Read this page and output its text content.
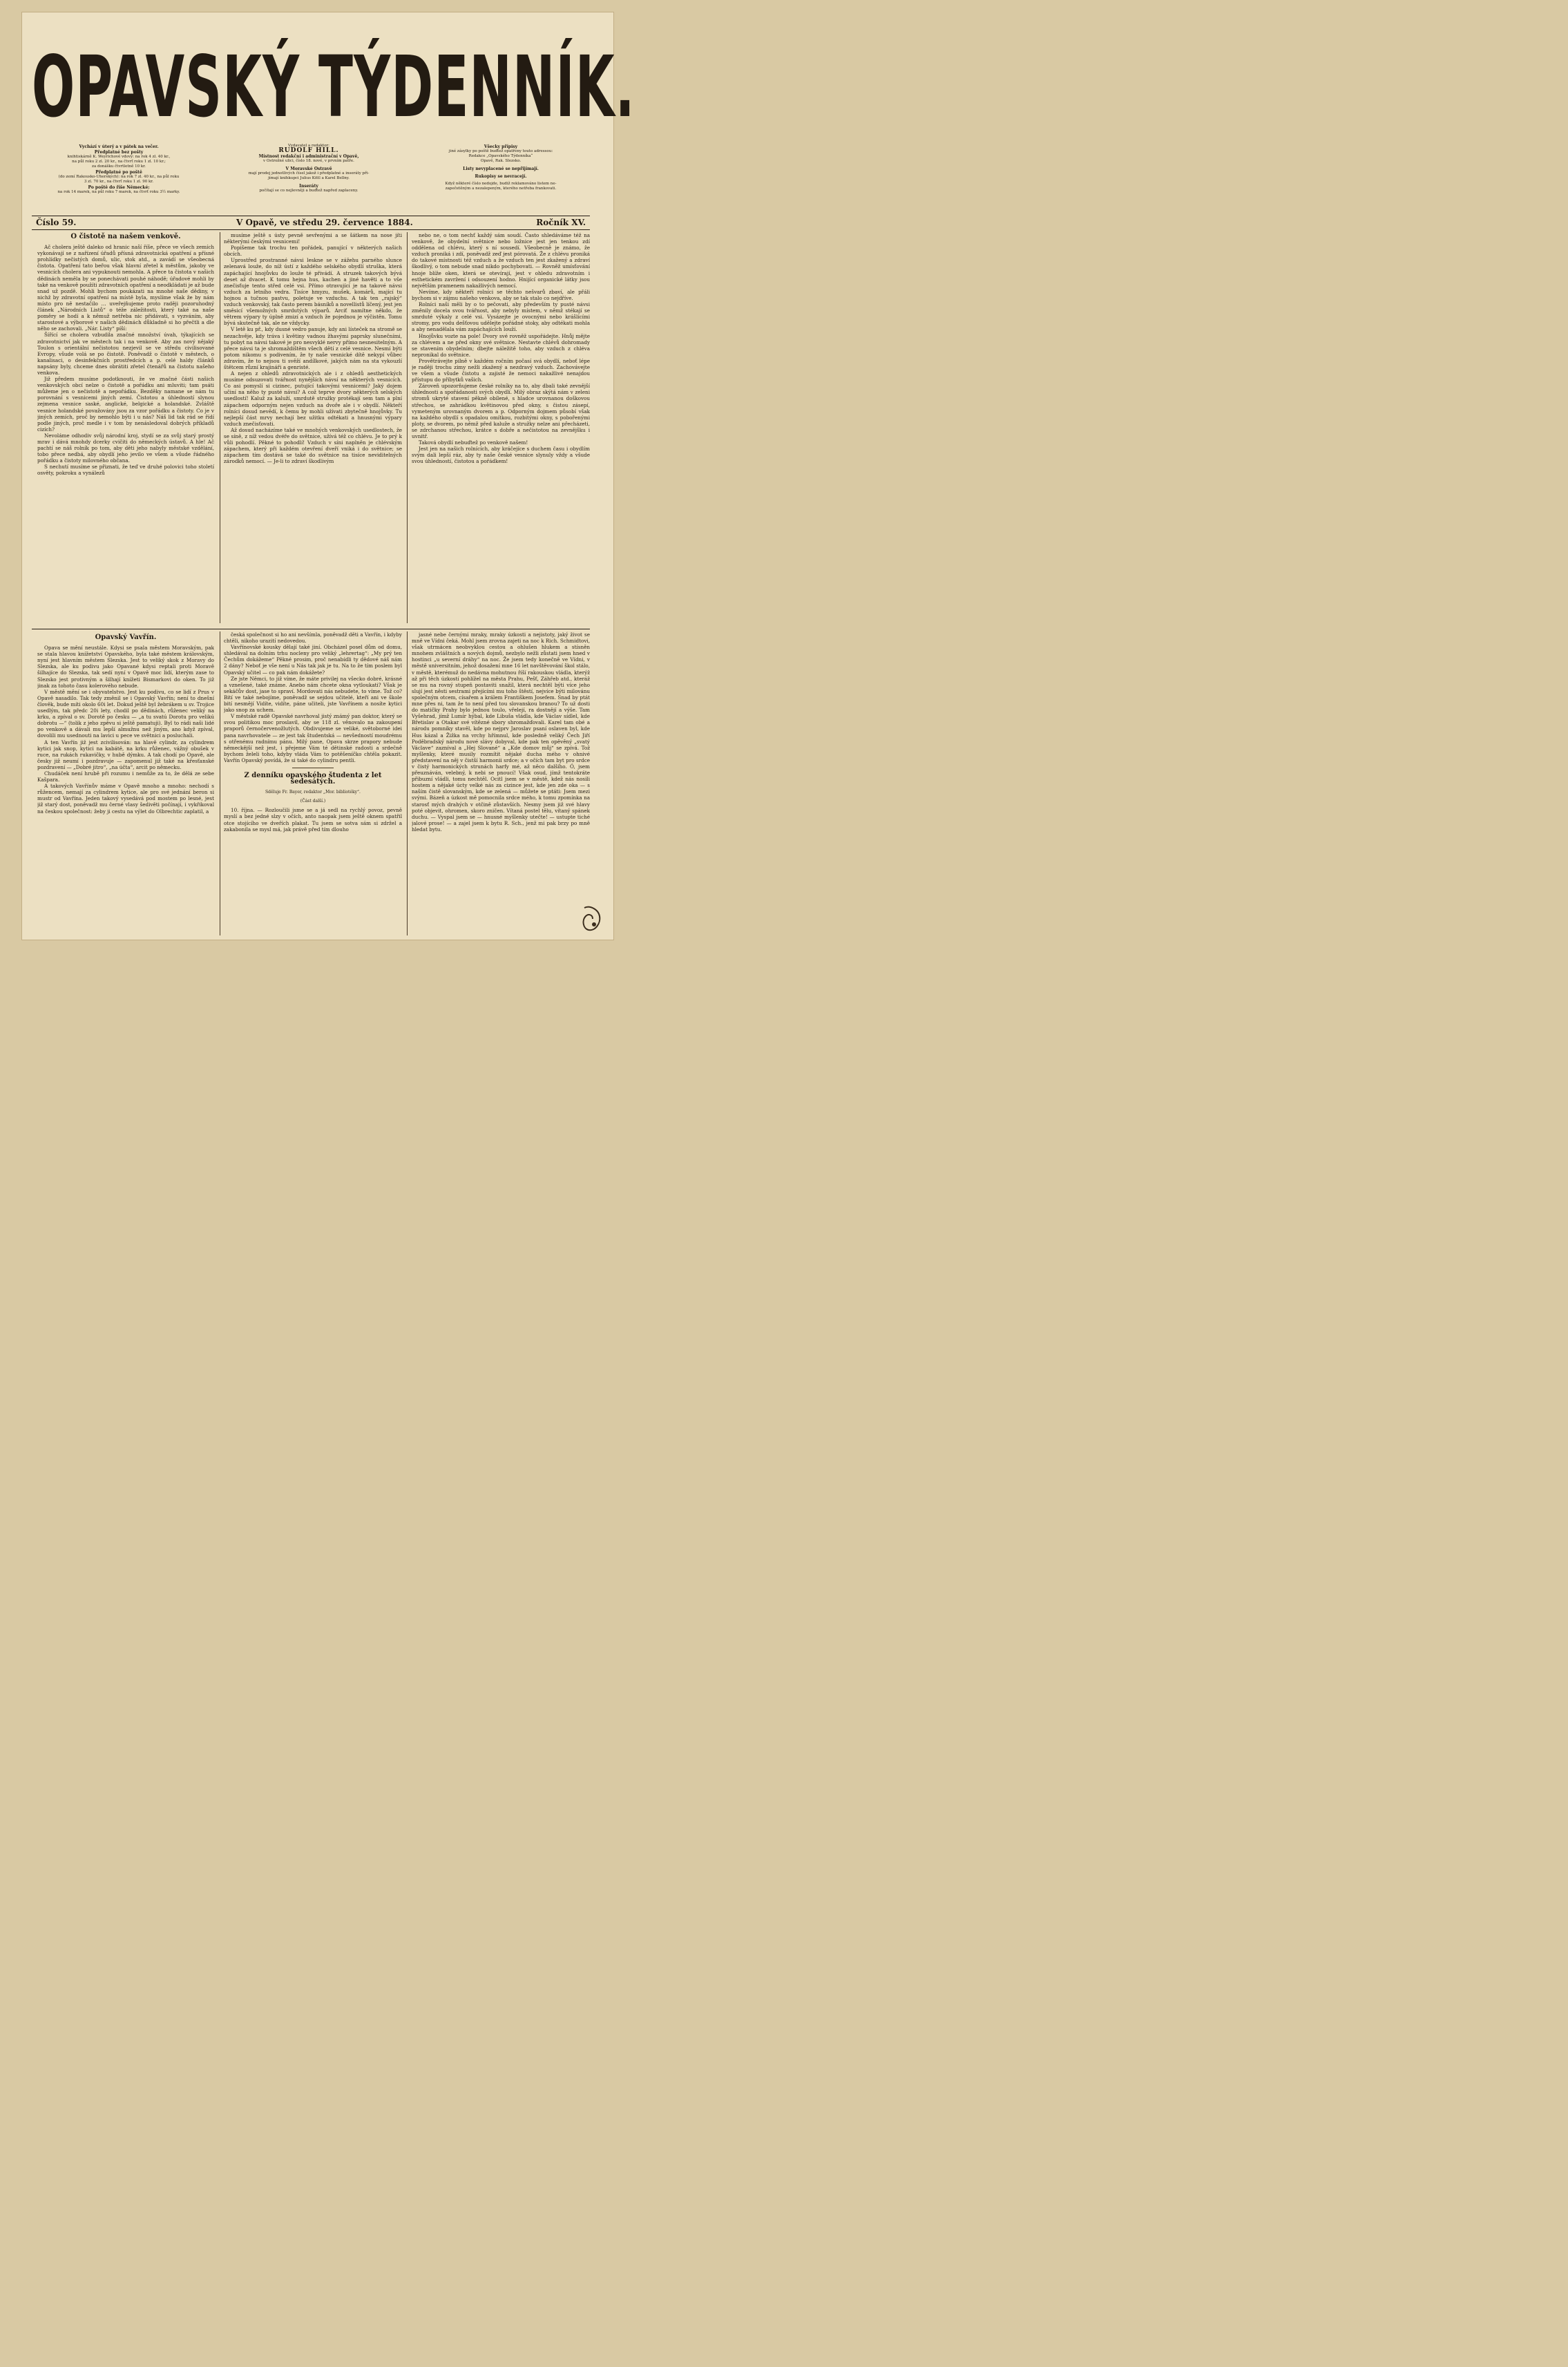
OPAVSKÝ TÝDENNÍK.
Vychází v úterý a v pátek na večer.
Předplatné bez pošty
knihtiskárně K. Weyrichové vdovy: na rok 4 zl. 40 kr.,
na půl roku 2 zl. 20 kr., na čtvrť roku 1 zl. 10 kr.;
za donášku čtvrtletně 10 kr.
Předplatné po poště
(do zemí Rakousko-Uherských): na rok 7 zl. 40 kr., na půl roku
3 zl. 70 kr., na čtvrť roku 1 zl. 90 kr.
Po poště do říše Německé:
na rok 14 marek, na půl roku 7 marek, na čtvrť roku 3½ marky.
Vydavatel a redaktor:
RUDOLF HILL.
Místnost redakční i administrační v Opavě,
v Ostrožné ulici, číslo 18. nové, v prvním patře.
V Moravské Ostravě
mají prodej jednotlivých čísel jakož i předplatné a inseráty při-
jímají knihkupci Julius Kittl a Karel Bellny.
Inseráty
počítají se co nejlevněji a buďtež napřed zaplaceny.
Všecky přípisy
jiné zásylky po poště buďtež opatřeny touto adressou:
Redakce „Opavského Týdenníka“
Opavě, Rak. Slezsko.
Listy nevyplacené se nepřijímají.
Rukopisy se nevracejí.
Když některé číslo nedojde, budiž reklamováno listem ne-
zapečetěným a nezalepeným, kterého netřeba frankovati.
Číslo 59.	V Opavě, ve středu 29. července 1884.	Ročník XV.
O čistotě na našem venkově.

Ač cholera ještě daleko od hranic naší říše, přece ve všech zemích vykonávají se z nařízení úřadů přísná zdravotnická opatření a přísné prohlídky nečistých domů, ulic, stok atd., a zavádí se všeobecná čistota. Opatření tato beřou však hlavní zřetel k městům, jakoby ve vesnicích cholera ani vypuknouti nemohla. A přece ta čistota v našich dědinách neměla by se ponechávati pouhé náhodě; úřadové mohli by také na venkově použíti zdravotních opatření a neodkládati je až bude snad už pozdě. Mohli bychom poukázati na mnohé naše dědiny, v nichž by zdravotní opatření na místě byla, myslíme však že by nám místo pro ně nestačilo … uveřejňujeme proto raději pozoruhodný článek „Národních Listů“ o téže záležitosti, který také na naše poměry se hodí a k němuž netřeba nic přidávati, s vyzváním, aby starostové a výborové v našich dědinách důkladně si ho přečtli a dle něho se zachovali. „Nár. Listy“ píší:

Šířící se cholera vzbudila značné množství úvah, týkajících se zdravotnictví jak ve městech tak i na venkově. Aby zas nový nějaký Toulon s orientální nečistotou nezjevil se ve středu civilisované Evropy, všude volá se po čistotě. Poněvadž o čistotě v městech, o kanalisaci, o desinfekčních prostředcích a p. celé haldy článků napsány byly, chceme dnes obrátiti zřetel čtenářů na čistotu našeho venkova.

Již předem musíme podotknouti, že ve značné části našich venkovských obcí nelze o čistotě a pořádku ani mluviti; tam psáti můžeme jen o nečistotě a nepořádku. Bezděky namane se nám tu porovnání s vesnicemi jiných zemí. Čistotou a úhledností slynou zejmena vesnice saské, anglické, belgické a holandské. Zvláště vesnice holandské považovány jsou za vzor pořádku a čistoty. Co je v jiných zemích, proč by nemohlo býti i u nás? Náš lid tak rád se řídí podle jiných, proč medle i v tom by nenásledoval dobrých příkladů cizích?

Nevoláme odhodiv svůj národní kroj, stydí se za svůj starý prostý mrav i dává mnohdy dcerky cvičiti do německých ústavů. A hle! Ač pachtí se náš rolník po tom, aby děti jeho nabyly městské vzdělání, tobo přece nedbá, aby obydlí jeho jevilo ve všem a všude řádného pořádku a čistoty milovného občana.

S nechutí musíme se přiznati, že teď ve druhé polovici toho století osvěty, pokroku a vynálezů

musíme ještě s ústy pevně sevřenými a se šátkem na nose jíti některými českými vesnicemi!

Popišeme tak trochu ten pořádek, panující v některých našich obcích.

Uprostřed prostranné návsi leskne se v zážehu parného slunce zelenavá louže, do níž ústí z každého selského obydlí struška, která zapáchající hnojůvku do louže té přivádí. A struzek takových bývá deset až dvacet. K tomu hejna hus, kachen a jiné havěti a to vše znečisťuje tento střed celé vsi. Přímo otravující je na takové návsi vzduch za letního vedra. Tisíce hmyzu, mušek, komárů, mající tu hojnou a tučnou pastvu, poletuje ve vzduchu. A tak ten „rajský“ vzduch venkovský, tak často perem básníků a novellistů líčený, jest jen směsicí všemožných smrdutých výparů. Arciť namítne někdo, že větrem výpary ty úplně zmizí a vzduch že pojednou je výčistěn. Tomu bývá skutečně tak, ale ne vždycky.

V letě ku př., kdy dusné vedro panuje, kdy ani lísteček na stromě se nezachvěje, kdy tráva i květiny vadnou žhavými paprsky slunečními, tu pobyt na návsi takové je pro nesvyklé nervy přímo nesnesitelným. A přece návsi ta je shromaždištěm všech dětí z celé vesnice. Nesmí býti potom nikomu s podivením, že ty naše vesnické dítě nekypí vůbec zdravím, že to nejsou ti svěží andílkové, jakých nám na sta vykouzlí štětcem různí krajináři a genristé.

A nejen z ohledů zdravotnických ale i z ohledů aesthetických musíme odsuzovati tvářnost nynějších návsí na některých vesnicích. Co asi pomyslí si cizinec, putující takovými vesnicemi? Jaký dojem učiní na něho ty pusté návsi? A což teprve dvory některých selských usedlostí! Kaluž za kaluží, smrdutě stružky protékají sem tam a plní zápachem odporným nejen vzduch na dvoře ale i v obydlí. Někteří rolníci dosud nevědí, k čemu by mohli užívati zbytečně hnojůvky. Tu nejlepší část mrvy nechají bez užitku odtékati a hnusnými výpary vzduch znečisťovati.

Až dosud nacházíme také ve mnohých venkovských usedlostech, že se síně, z níž vedou dvéře do světnice, užívá též co chlévu. Je to prý k vůli pohodlí. Pěkné to pohodlí! Vzduch v síni naplněn je chlévským zápachem, který při každém otevření dveří vniká i do světnice; se zápachem tím dostává se také do světnice na tisíce neviditelných zárodků nemocí. — Je-li to zdraví škodlivým

nebo ne, o tom nechť každý sám soudí. Často shledáváme též na venkově, že obydelní světnice nebo ložnice jest jen tenkou zdí oddělena od chlévu, který s ní sousedí. Všeobecně je známo, že vzduch proniká i zdí, poněvadž zeď jest pórovatá. Že z chlévu proniká do takové místnosti též vzduch a že vzduch ten jest zkažený a zdraví škodlivý, o tom nebude snad nikdo pochybovati. — Rovněž umísťování hnoje blíže oken, která se otevírají, jest v ohledu zdravotním i esthetickém zavržení i odsouzení hodno. Hnijící organické látky jsou největším pramenem nakažlivých nemocí.

Nevíme, kdy někteří rolníci se těchto nešvarů zbaví, ale přáli bychom si v zájmu našeho venkova, aby se tak stalo co nejdříve.

Rolníci naši měli by o to pečovati, aby především ty pusté návsi změnily docela svou tvářnost, aby nebyly místem, v němž stékají se smrduté výkaly z celé vsi. Vysázejte je ovocnými nebo krášlícími stromy, pro vodu dešťovou udělejte pořádné stoky, aby odtékati mohla a aby nenadělala vám zapáchajících louží.

Hnojůvku vozte na pole! Dvory své rovněž uspořádejte. Hnůj mějte za chlévem a ne před okny své světnice. Nestavte chlévů dohromady se stavením obydelním; dbejte náležitě toho, aby vzduch z chléva nepronikal do světnice.

Provětrávejte pilně v každém ročním počasí svá obydlí, neboť lépe je raději trochu zimy nežli zkažený a nezdravý vzduch. Zachovávejte ve všem a všude čistotu a zajisté že nemoci nakažlivé nenajdou přístupu do příbytků vašich.

Zároveň upozorňujeme české rolníky na to, aby dbali také zevnější úhlednosti a spořádanosti svých obydlí. Milý obraz skýtá nám v zeleni stromů ukryté stavení pěkně obílené, s hladce urovnanou doškovou střechou, se zahrádkou květinovou před okny, s čistou zásepí, vymeteným urovnaným dvorem a p. Odporným dojmem působí však na každého obydlí s opadalou omítkou, rozbitými okny, s pobořenými ploty, se dvorem, po němž před kaluže a stružky nelze ani přecházeti, se zdrchanou střechou, krátce s dobře a nečistotou na zevnějšku i uvnitř.

Taková obydlí nebuďtež po venkově našem!

Jest jen na našich rolnících, aby kráčejíce s duchem času i obydlím svým dali lepší ráz, aby ty naše české vesnice slynuly vždy a všude svou úhledností, čistotou a pořádkem!

Opavský Vavřín.

Opava se mění neustále. Kdysi se psala městem Moravským, pak se stala hlavou knížetství Opavského, byla také městem královským, nyní jest hlavním městem Slezska. Jest to veliký skok z Moravy do Slezska, ale ku podivu jako Opavané kdysi reptali proti Moravě šilhajíce do Slezska, tak sedí nyní v Opavě moc lidí, kterým zase to Slezsko jest protivným a šilhají knížeti Bismarkovi do oken. To již jinak za tohoto času kolerového nebude.

V městě mění se i obyvatelstvo. Jest ku podivu, co se lidí z Prus v Opavě nasadilo. Tak tedy změnil se i Opavský Vavřín; není to dnešní člověk, bude míti okolo 60i let. Dokud ještě byl žebrákem u sv. Trojice usedlým, tak předc 20i lety, chodil po dědinách, růženec veliký na krku, a zpíval o sv. Dorotě po česku — „a tu svatú Dorotu pro velikú dobrotu —“ (tolik z jeho zpěvu si ještě pamatuji). Byl to rádi naši lidé po venkově a dávali mu lepší almužnu než jiným, ano když zpíval, dovolili mu usednouti na lavici u pece ve světnici a posluchali.

A ten Vavřín již jest zcivilisován: na hlavě cylindr, za cylindrem kytici jak snop, kytici na kabátě, na krku růženec, vážný obušek v ruce, na rukách rukavičky, v hubě dýmku. A tak chodí po Opavě, ale česky již neumí i pozdravuje — zapomenul již také na křesťanské pozdravení — „Dobré jitro“, „na účta“, arcit po německu.

Chudáček není hrubě při rozumu i nemůže za to, že dělá ze sebe Kašpara.

A takových Vavřínův máme v Opavě mnoho a mnoho: nechodí s růžencem, nemají za cylindrem kytice, ale pro své jednání beron si mustr od Vavřína. Jeden takový vysedává pod mostem po lesné, jest již starý dost, poněvadž mu černé vlasy šedivěti počínají, i vykřikoval na českou společnost: žeby ji cestu na výlet do Olbrechtic zaplatil, a

česká společnost si ho ani nevšímla, poněvadž děti a Vavřín, i kdyby chtěli, nikoho urazití nedovedou.

Vavřínovské kousky dělají také jiní. Obcházel posel dům od domu, shledával na dolním trhu nocleny pro veliký „lehrertag“: „My prý ten Čechům dokážeme“ Pěkné prosim, proč nenabídli ty dědové náš nám 2 dány? Neboť je vše není u Nás tak jak je tu. Na to že tím poslem byl Opavský učitel — co pak nám dokážete?

Ze jste Němci, to již víme, že máte privilej na všecko dobré, krásné a vznešené, také známe. Anebo nám chcete okna vytloukati? Však je sekáčův dost, jase to spraví. Mordovati nás nebudete, to víme. Tož co? Bití ve také nebojíme, poněvadž se sejdou učitelé, kteří ani ve škole bití nesmějí Vidíte, vidíte, páne učiteli, jste Vavřínem a nosíte kytici jako snop za uchem.

V městské radě Opavské navrhoval jistý známý pan doktor, který se svou politikou moc proslavil, aby se 118 zl. věnovalo na zakoupení praporů černočervenožlutých. Obdivujeme se veliké, světoborné idei pana navrhovatele — ze jest tak študentská — nevšedností moudrému s otřenému radnímu pánu. Milý pane, Opava skrze prapory nebude německější než jest, i přejeme Vám té dětinské radosti a srdečně bychom želeli toho, kdyby vláda Vám to potěšeníčko chtěla pokazit. Vavřín Opavský povídá, že si také do cylindru pentli.

Z denníku opavského študenta z let šedesátých.
Sděluje Fr. Bayer, redaktor „Mor. bibliotéky“.
(Část další.)

10. října. — Rozloučili jsme se a já sedl na rychlý povoz, pevně myslí a bez jedné slzy v očích, anto naopak jsem ještě oknem spatřil otce stojícího ve dveřích plakat. Tu jsem se sotva sám si zdržel a zakabonila se mysl má, jak právě před tím dlouho

jasné nebe černými mraky, mraky úzkosti a nejistoty, jaký život se mně ve Vídni čeká. Mohl jsem zrovna zajeti na noc k Rich. Schmidtovi, však utrmácen neobvyklou cestou a ohlušen hlukem a stísněn mnohem zvláštních a nových dojmů, nezbylo nežli zůstati jsem hned v hostinci „u severní dráhy“ na noc. Že jsem tedy konečně ve Vídni, v městě universitním, jehož dosažení mne 16 let navštěvování škol stálo, v městě, kterémuž do nedávna mohutnou říší rakouskou vládla, kterýž až při těch úzkostí pohlížel na města Prahu, Pešť, Záhřeb atd., kteráž se mu na rovný stupeň postaviti snažil, která nechtěl býti více jeho slují jest něsti sestrami přejícími mu toho štěstí, nejvíce býti milovánu společným otcem, císařem a králem Františkem Josefem. Snad by ptát mne přes ni, tam že to není před tou slovanskou branou? To už dosti do matičky Prahy bylo jednou toulo, vřelejí, ra dostnějí a výše. Tam Vyšehrad, jímž Lumír hýbal, kde Libuša vládla, kde Václav sídlel, kde Břetislav a Otakar své vítězné sbory shromažďovali. Karel tam obé a národu pomníky stavěl, kde po nejprv Jaroslav psaní oslaven byl, kde Hus kázal a Žižka na vrchy hřímnul, kde posledně veliký Čech Jiří Poděbradský národu nové slávy dobyval, kde pak ten opěvěný „svatý Václave“ zazníval a „Hej Slované“ a „Kde domov můj“ se zpívá. Tož myšlenky, které musily rozmítit nějaké ducha mého v ohnivé představení na něj v čistší harmonii srdce; a v očích tam byt pro srdce v čistý harmonických strunách harfy mé, až něco dalšího. Ó, jsem přeuznáván, velebný, k nebi se pnoucí! Však osud, jímž tentokráte přibuzní vládli, tomu nechtěl. Ocitl jsem se v městě, kdež nás nosili hostem a nějaké úcty velké nás za cizince jest, kde jen zde oka — s naším čistě slovanským, kde se zelená — můžete se ptáti: Jsem mezi svými. Bázeň a úzkost mě pomocnila srdce mého, k tomu zpomínka na starosť mých drahých v otčině zůstavších. Nesmy jsem již své hlavy poté objevit, ohromen, skoro zničen. Vítaná postel tělu, vítaný spánek duchu. — Vyspal jsem se — hnusné myšlenky utečte! — ustupte tiché jalové prose! — a zajel jsem k bytu R. Sch., jenž mi pak brzy po mně hledat bytu.
